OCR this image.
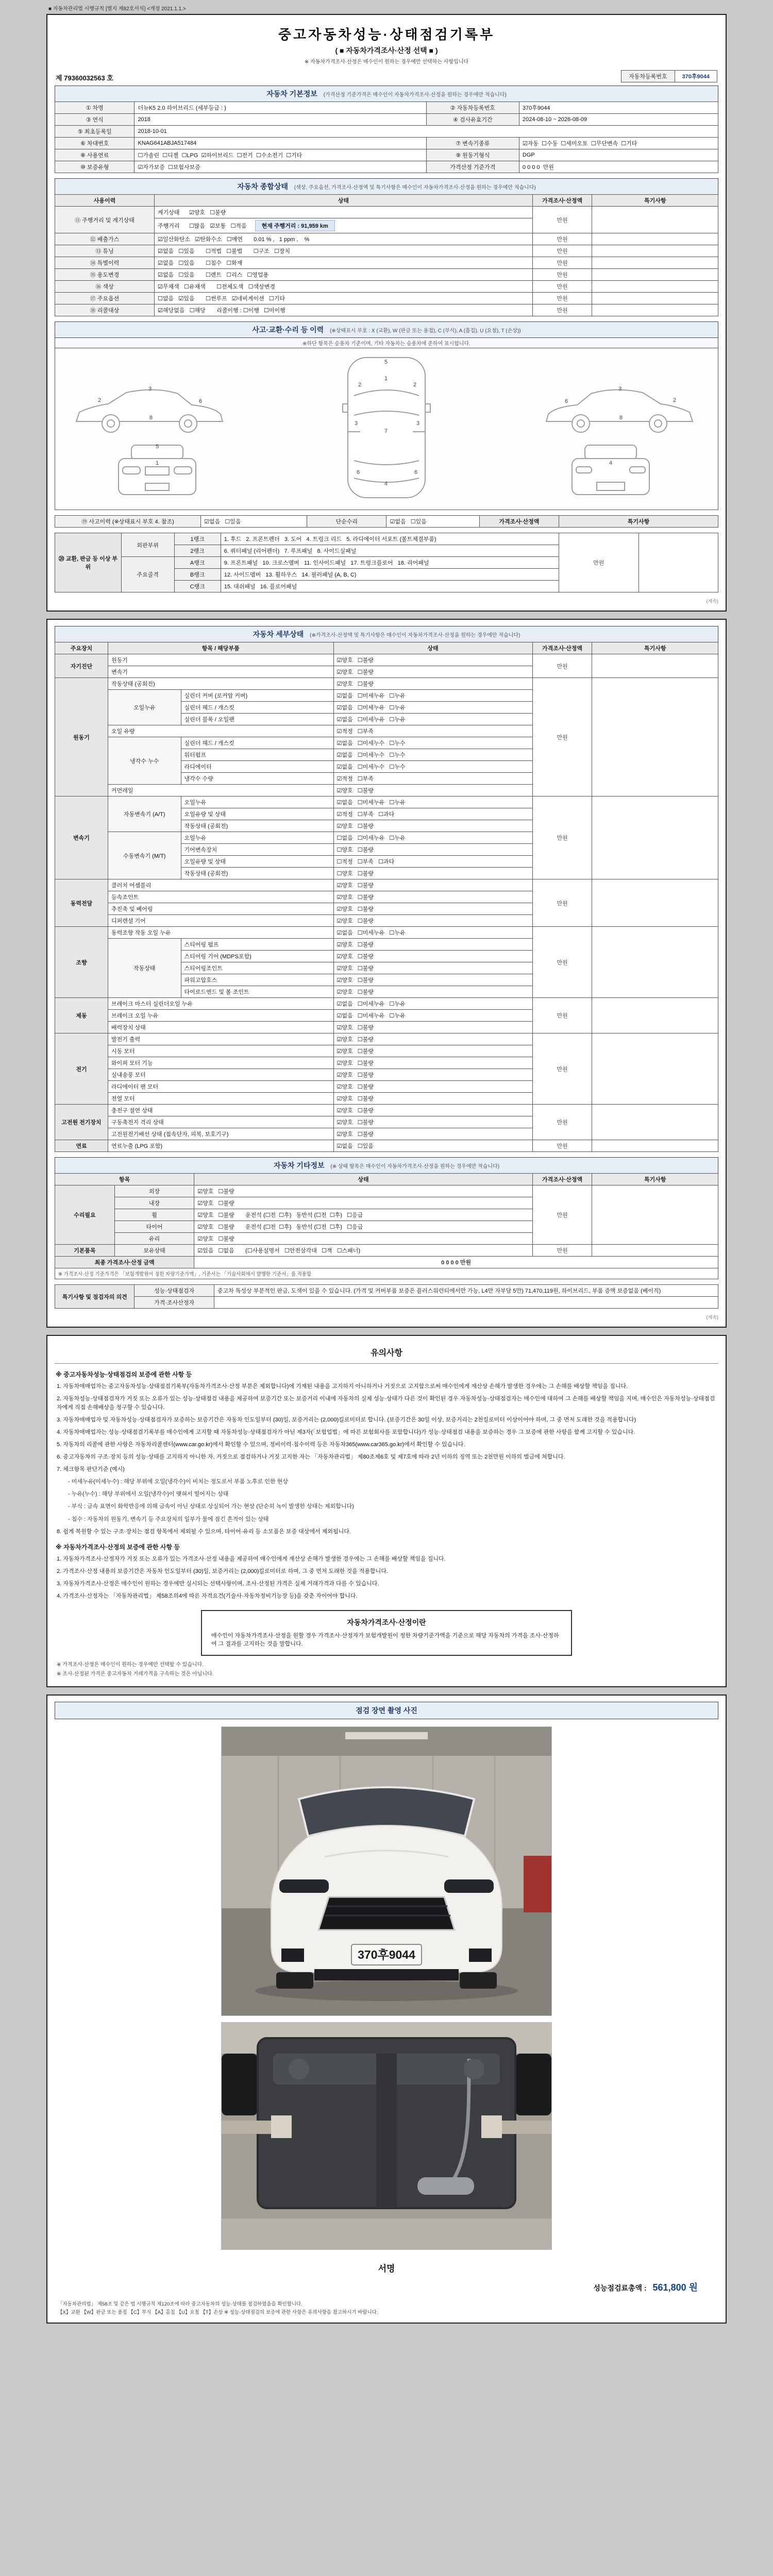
■ 자동차관리법 시행규칙 [별지 제82호서식] <개정 2021.1.1.>
중고자동차성능·상태점검기록부
( ■ 자동차가격조사·산정 선택 ■ )
※ 자동차가격조사·산정은 매수인이 원하는 경우에만 선택하는 사항입니다
제 79360032563 호	자동차등록번호	370후9044
자동차 기본정보 (가격산정 기준가격은 매수인이 자동차가격조사·산정을 원하는 경우에만 적습니다)
① 차명	더뉴K5 2.0 하이브리드 (세부등급 : )	② 자동차등록번호	370후9044
③ 연식	2018	④ 검사유효기간	2024-08-10 ~ 2026-08-09
⑤ 최초등록일	2018-10-01		
⑥ 차대번호	KNAG641ABJA517484	⑦ 변속기종류	☑자동  ☐수동  ☐세미오토  ☐무단변속  ☐기타
⑧ 사용연료	☐가솔린  ☐디젤  ☐LPG  ☑하이브리드  ☐전기  ☐수소전기  ☐기타	⑨ 원동기형식	DGP
⑩ 보증유형	☑자가보증  ☐보험사보증	가격산정 기준가격	0 0 0 0  만원
자동차 종합상태 (색상, 주요옵션, 가격조사·산정액 및 특기사항은 매수인이 자동차가격조사·산정을 원하는 경우에만 적습니다)
사용이력	상태	가격조사·산정액	특기사항
⑪ 주행거리 및 계기상태	계기상태      ☑양호   ☐불량	만원	
	주행거리      ☐많음   ☑보통   ☐적음 현재 주행거리 : 91,959 km		
⑫ 배출가스	☑일산화탄소   ☑탄화수소   ☐매연       0.01 % ,   1 ppm ,    %	만원	
⑬ 튜닝	☑없음   ☐있음       ☐적법   ☐불법       ☐구조   ☐장치	만원	
⑭ 특별이력	☑없음   ☐있음       ☐침수   ☐화재	만원	
⑮ 용도변경	☑없음   ☐있음       ☐렌트   ☐리스   ☐영업용	만원	
⑯ 색상	☑무채색   ☐유채색       ☐전체도색   ☐색상변경	만원	
⑰ 주요옵션	☐없음   ☑있음       ☐썬루프   ☑네비게이션   ☐기타	만원	
⑱ 리콜대상	☑해당없음   ☐해당       리콜이행 : ☐이행   ☐미이행	만원	
사고·교환·수리 등 이력 (※상태표시 부호 : X (교환), W (판금 또는 용접), C (부식), A (흠집), U (요철), T (손상))
※하단 항목은 승용차 기준이며, 기타 자동차는 승용차에 준하여 표시합니다.
2
3
6
8
2
3
6
8
5
1
7
4
2	2
3	3
6	6
1
5
4
⑲ 사고이력 (※상태표시 부호 4. 참조)	☑없음   ☐있음	단순수리	☑없음   ☐있음	가격조사·산정액	특기사항
⑳ 교환, 판금 등 이상 부위	외판부위	1랭크	1. 후드   2. 프론트펜더   3. 도어   4. 트렁크 리드   5. 라디에이터 서포트 (볼트체결부품)	만원	
		2랭크	6. 쿼터패널 (리어펜더)   7. 루프패널   8. 사이드실패널		
	주요골격	A랭크	9. 프론트패널   10. 크로스멤버   11. 인사이드패널   17. 트렁크플로어   18. 리어패널		
		B랭크	12. 사이드멤버   13. 휠하우스   14. 필러패널 (A, B, C)		
		C랭크	15. 대쉬패널   16. 플로어패널		
(계속)
자동차 세부상태 (※가격조사·산정액 및 특기사항은 매수인이 자동차가격조사·산정을 원하는 경우에만 적습니다)
주요장치	항목 / 해당부품		상태	가격조사·산정액	특기사항
자기진단	원동기		☑양호   ☐불량	만원	
	변속기		☑양호   ☐불량		
원동기	작동상태 (공회전)		☑양호   ☐불량	만원	
	오일누유	실린더 커버 (로커암 커버)	☑없음   ☐미세누유   ☐누유		
		실린더 헤드 / 개스킷	☑없음   ☐미세누유   ☐누유		
		실린더 블록 / 오일팬	☑없음   ☐미세누유   ☐누유		
	오일 유량		☑적정   ☐부족		
	냉각수 누수	실린더 헤드 / 개스킷	☑없음   ☐미세누수   ☐누수		
		워터펌프	☑없음   ☐미세누수   ☐누수		
		라디에이터	☑없음   ☐미세누수   ☐누수		
		냉각수 수량	☑적정   ☐부족		
	커먼레일		☑양호   ☐불량		
변속기	자동변속기 (A/T)	오일누유	☑없음   ☐미세누유   ☐누유	만원	
		오일유량 및 상태	☑적정   ☐부족   ☐과다		
		작동상태 (공회전)	☑양호   ☐불량		
	수동변속기 (M/T)	오일누유	☐없음   ☐미세누유   ☐누유		
		기어변속장치	☐양호   ☐불량		
		오일유량 및 상태	☐적정   ☐부족   ☐과다		
		작동상태 (공회전)	☐양호   ☐불량		
동력전달	클러치 어셈블리		☑양호   ☐불량	만원	
	등속조인트		☑양호   ☐불량		
	추진축 및 베어링		☑양호   ☐불량		
	디퍼렌셜 기어		☑양호   ☐불량		
조향	동력조향 작동 오일 누유		☑없음   ☐미세누유   ☐누유	만원	
	작동상태	스티어링 펌프	☑양호   ☐불량		
		스티어링 기어 (MDPS포함)	☑양호   ☐불량		
		스티어링조인트	☑양호   ☐불량		
		파워고압호스	☑양호   ☐불량		
		타이로드엔드 및 볼 조인트	☑양호   ☐불량		
제동	브레이크 마스터 실린더오일 누유		☑없음   ☐미세누유   ☐누유	만원	
	브레이크 오일 누유		☑없음   ☐미세누유   ☐누유		
	배력장치 상태		☑양호   ☐불량		
전기	발전기 출력		☑양호   ☐불량	만원	
	시동 모터		☑양호   ☐불량		
	와이퍼 모터 기능		☑양호   ☐불량		
	실내송풍 모터		☑양호   ☐불량		
	라디에이터 팬 모터		☑양호   ☐불량		
	전열 모터		☑양호   ☐불량		
고전원 전기장치	충전구 절연 상태		☑양호   ☐불량	만원	
	구동축전지 격리 상태		☑양호   ☐불량		
	고전원전기배선 상태 (접속단자, 피복, 보호기구)		☑양호   ☐불량		
연료	연료누출 (LPG 포함)		☑없음   ☐있음	만원	
자동차 기타정보 (※ 상태 항목은 매수인이 자동차가격조사·산정을 원하는 경우에만 적습니다)
항목		상태	가격조사·산정액	특기사항
수리필요	외장	☑양호   ☐불량	만원	
	내장	☑양호   ☐불량		
	휠	☑양호   ☐불량       운전석 (☐전  ☐후)   동반석 (☐전  ☐후)   ☐응급		
	타이어	☑양호   ☐불량       운전석 (☐전  ☐후)   동반석 (☐전  ☐후)   ☐응급		
	유리	☑양호   ☐불량		
기본품목	보유상태	☑있음   ☐없음       (☐사용설명서   ☐안전삼각대   ☐잭   ☐스패너)	만원	
최종 가격조사·산정 금액		0 0 0 0 만원		
※ 가격조사·산정 기준가격은 「보험개발원이 정한 차량기준가액」, 기준서는 「기술사회에서 발행한 기준서」를 적용함				
특기사항 및 점검자의 의견	성능·상태점검자	중고차 특성상 부분적인 판금, 도색이 있을 수 있습니다. (가격 및 커버부품 보증은 플러스워런티에서만 가능, L4만 자부담 5만) 71,470,119원, 하이브리드, 부품 증액 보증없음 (베이직)
	가격·조사산정자	
(계속)
유의사항
※ 중고자동차성능·상태점검의 보증에 관한 사항 등
1. 자동차매매업자는 중고자동차성능·상태점검기록부(자동차가격조사·산정 부분은 제외합니다)에 기재된 내용을 고지하지 아니하거나 거짓으로 고지함으로써 매수인에게 재산상 손해가 발생한 경우에는 그 손해를 배상할 책임을 집니다.
2. 자동차성능·상태점검자가 거짓 또는 오류가 있는 성능·상태점검 내용을 제공하여 보증기간 또는 보증거리 이내에 자동차의 실제 성능·상태가 다른 것이 확인된 경우 자동차성능·상태점검자는 매수인에 대하여 그 손해를 배상할 책임을 지며, 매수인은 자동차성능·상태점검자에게 직접 손해배상을 청구할 수 있습니다.
3. 자동차매매업자 및 자동차성능·상태점검자가 보증하는 보증기간은 자동차 인도일부터 (30)일, 보증거리는 (2,000)킬로미터로 합니다. (보증기간은 30일 이상, 보증거리는 2천킬로미터 이상이어야 하며, 그 중 먼저 도래한 것을 적용합니다)
4. 자동차매매업자는 성능·상태점검기록부를 매수인에게 고지할 때 자동차성능·상태점검자가 아닌 제3자(「보험업법」에 따른 보험회사를 포함합니다)가 성능·상태점검 내용을 보증하는 경우 그 보증에 관한 사항을 함께 고지할 수 있습니다.
5. 자동차의 리콜에 관한 사항은 자동차리콜센터(www.car.go.kr)에서 확인할 수 있으며, 정비이력·침수이력 등은 자동차365(www.car365.go.kr)에서 확인할 수 있습니다.
6. 중고자동차의 구조·장치 등의 성능·상태를 고지하지 아니한 자, 거짓으로 점검하거나 거짓 고지한 자는 「자동차관리법」 제80조제6호 및 제7호에 따라 2년 이하의 징역 또는 2천만원 이하의 벌금에 처합니다.
7. 체크항목 판단기준 (예시)
- 미세누유(미세누수) : 해당 부위에 오일(냉각수)이 비치는 정도로서 부품 노후로 인한 현상
- 누유(누수) : 해당 부위에서 오일(냉각수)이 맺혀서 떨어지는 상태
- 부식 : 금속 표면이 화학반응에 의해 금속이 아닌 상태로 상실되어 가는 현상 (단순히 녹이 발생한 상태는 제외합니다)
- 침수 : 자동차의 원동기, 변속기 등 주요장치의 일부가 물에 잠긴 흔적이 있는 상태
8. 쉽게 복원할 수 있는 구조·장치는 점검 항목에서 제외될 수 있으며, 타이어·유리 등 소모품은 보증 대상에서 제외됩니다.
※ 자동차가격조사·산정의 보증에 관한 사항 등
1. 자동차가격조사·산정자가 거짓 또는 오류가 있는 가격조사·산정 내용을 제공하여 매수인에게 재산상 손해가 발생한 경우에는 그 손해를 배상할 책임을 집니다.
2. 가격조사·산정 내용의 보증기간은 자동차 인도일부터 (30)일, 보증거리는 (2,000)킬로미터로 하며, 그 중 먼저 도래한 것을 적용합니다.
3. 자동차가격조사·산정은 매수인이 원하는 경우에만 실시되는 선택사항이며, 조사·산정된 가격은 실제 거래가격과 다를 수 있습니다.
4. 가격조사·산정자는 「자동차관리법」 제58조의4에 따른 자격요건(기술사·자동차정비기능장 등)을 갖춘 자이어야 합니다.
자동차가격조사·산정이란
매수인이 자동차가격조사·산정을 원할 경우 가격조사·산정자가 보험개발원이 정한 차량기준가액을 기준으로 해당 자동차의 가격을 조사·산정하여 그 결과를 고지하는 것을 말합니다.
※ 가격조사·산정은 매수인이 원하는 경우에만 선택할 수 있습니다.
※ 조사·산정된 가격은 중고자동차 거래가격을 구속하는 것은 아닙니다.
점검 장면 촬영 사진
370후9044
서명
성능점검료총액 : 561,800 원
「자동차관리법」 제58조 및 같은 법 시행규칙 제120조에 따라 중고자동차의 성능·상태를 점검하였음을 확인합니다.
【X】교환 【W】판금 또는 용접 【C】부식 【A】흠집 【U】요철 【T】손상 ※ 성능·상태점검의 보증에 관한 사항은 유의사항을 참고하시기 바랍니다.
